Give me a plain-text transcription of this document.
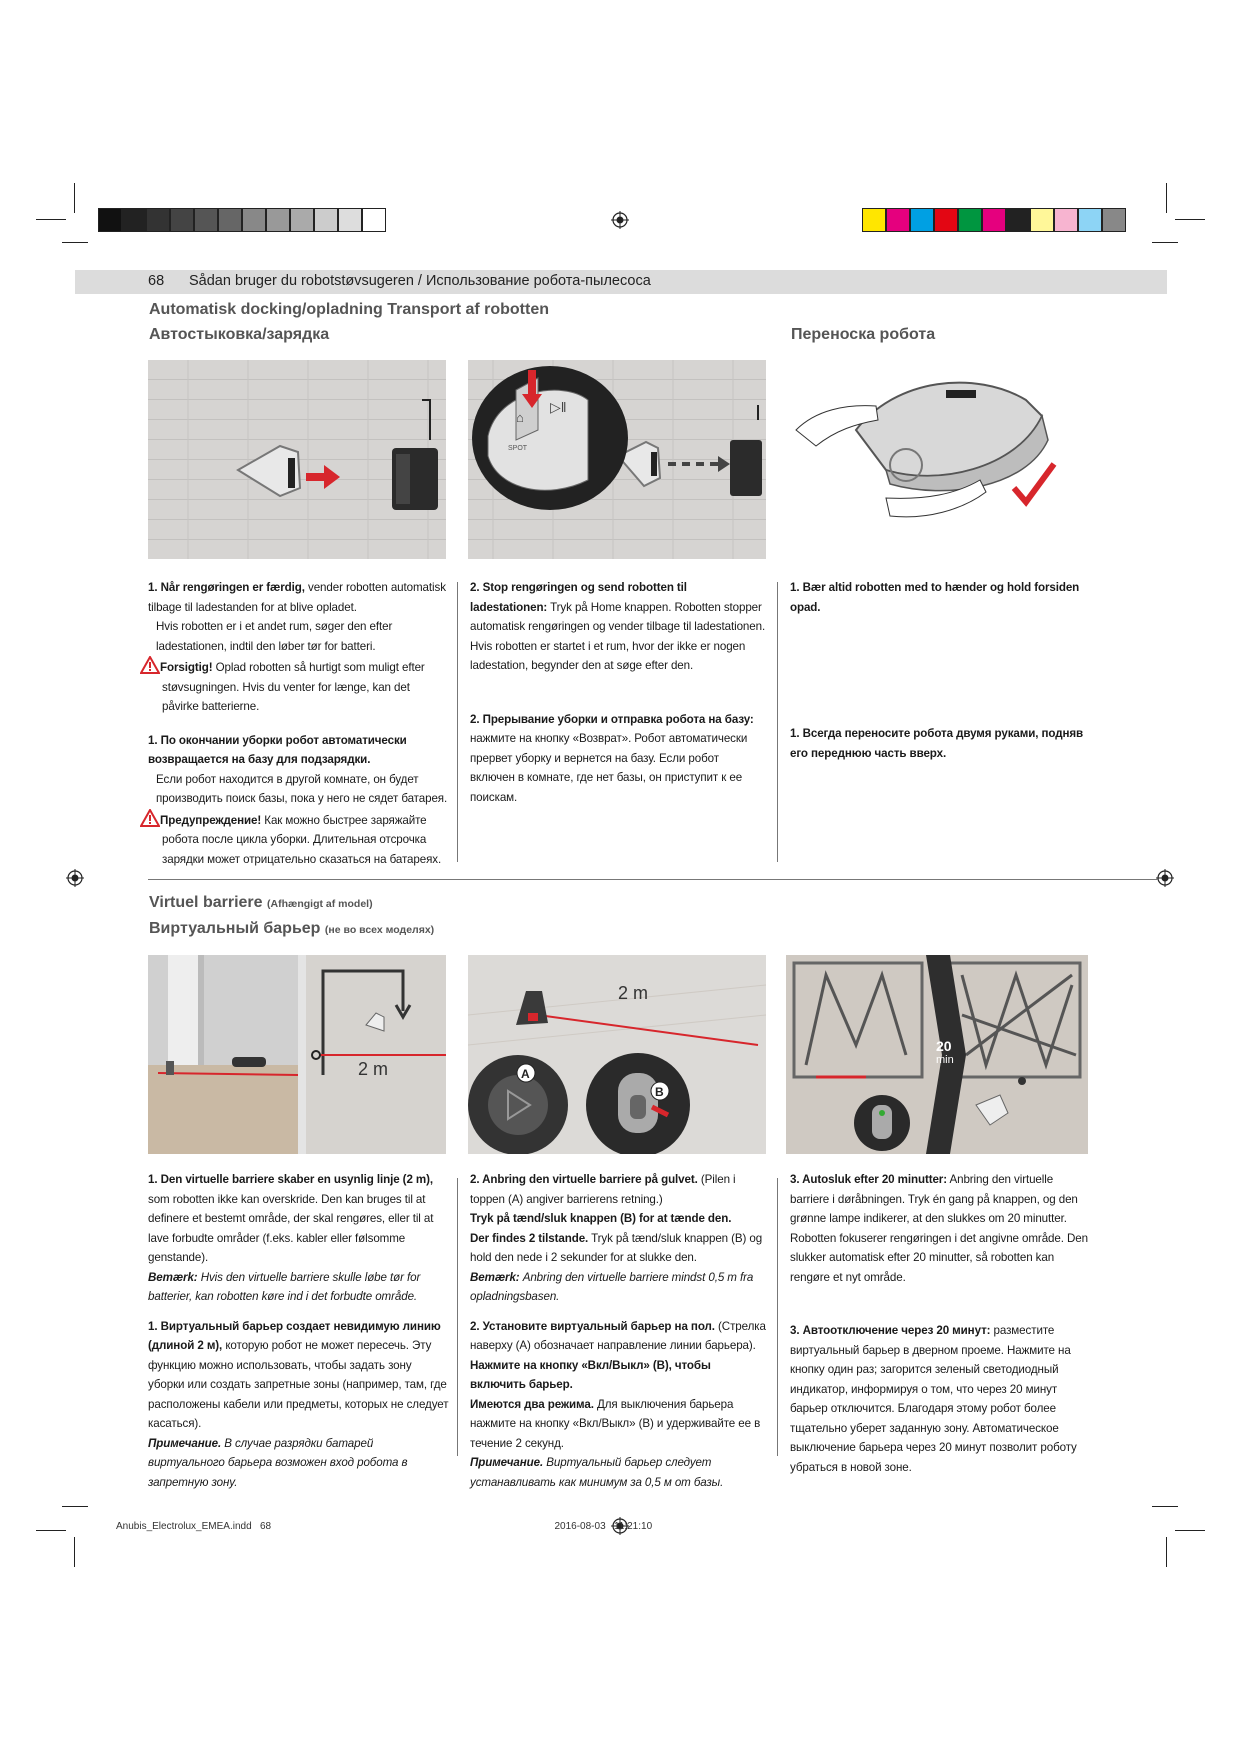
68 Sådan bruger du robotstøvsugeren / Использование робота-пылесоса
Automatisk docking/opladning Transport af robotten
Автостыковка/зарядка	Переноска робота
▷‖
⌂
SPOT

1. Når rengøringen er færdig, vender robotten automatisk tilbage til ladestanden for at blive opladet.

Hvis robotten er i et andet rum, søger den efter ladestationen, indtil den løber tør for batteri.

Forsigtig! Oplad robotten så hurtigt som muligt efter støvsugningen. Hvis du venter for længe, kan det påvirke batterierne.

1. По окончании уборки робот автоматически возвращается на базу для подзарядки.

Если робот находится в другой комнате, он будет производить поиск базы, пока у него не сядет батарея.

Предупреждение! Как можно быстрее заряжайте робота после цикла уборки. Длительная отсрочка зарядки может отрицательно сказаться на батареях.

2. Stop rengøringen og send robotten til ladestationen: Tryk på Home knappen. Robotten stopper automatisk rengøringen og vender tilbage til ladestationen. Hvis robotten er startet i et rum, hvor der ikke er nogen ladestation, begynder den at søge efter den.

2. Прерывание уборки и отправка робота на базу: нажмите на кнопку «Возврат». Робот автоматически прервет уборку и вернется на базу. Если робот включен в комнате, где нет базы, он приступит к ее поискам.

1. Bær altid robotten med to hænder og hold forsiden opad.

1. Всегда переносите робота двумя руками, подняв его переднюю часть вверх.

Virtuel barriere (Afhængigt af model)
Виртуальный барьер (не во всех моделях)
2 m
2 m
A
B
20
min

1. Den virtuelle barriere skaber en usynlig linje (2 m), som robotten ikke kan overskride. Den kan bruges til at definere et bestemt område, der skal rengøres, eller til at lave forbudte områder (f.eks. kabler eller følsomme genstande).

Bemærk: Hvis den virtuelle barriere skulle løbe tør for batterier, kan robotten køre ind i det forbudte område.

1. Виртуальный барьер создает невидимую линию (длиной 2 м), которую робот не может пересечь. Эту функцию можно использовать, чтобы задать зону уборки или создать запретные зоны (например, там, где расположены кабели или предметы, которых не следует касаться).

Примечание. В случае разрядки батарей виртуального барьера возможен вход робота в запретную зону.

2. Anbring den virtuelle barriere på gulvet. (Pilen i toppen (A) angiver barrierens retning.)

Tryk på tænd/sluk knappen (B) for at tænde den.

Der findes 2 tilstande. Tryk på tænd/sluk knappen (B) og hold den nede i 2 sekunder for at slukke den.

Bemærk: Anbring den virtuelle barriere mindst 0,5 m fra opladningsbasen.

2. Установите виртуальный барьер на пол. (Стрелка наверху (A) обозначает направление линии барьера).

Нажмите на кнопку «Вкл/Выкл» (B), чтобы включить барьер.

Имеются два режима. Для выключения барьера нажмите на кнопку «Вкл/Выкл» (B) и удерживайте ее в течение 2 секунд.

Примечание. Виртуальный барьер следует устанавливать как минимум за 0,5 м от базы.

3. Autosluk efter 20 minutter: Anbring den virtuelle barriere i døråbningen. Tryk én gang på knappen, og den grønne lampe indikerer, at den slukkes om 20 minutter. Robotten fokuserer rengøringen i det angivne område. Den slukker automatisk efter 20 minutter, så robotten kan rengøre et nyt område.

3. Автоотключение через 20 минут: разместите виртуальный барьер в дверном проеме. Нажмите на кнопку один раз; загорится зеленый светодиодный индикатор, информируя о том, что через 20 минут барьер отключится. Благодаря этому робот более тщательно уберет заданную зону. Автоматическое выключение барьера через 20 минут позволит роботу убраться в новой зоне.

Anubis_Electrolux_EMEA.indd   68                                                                                                      2016-08-03   11:21:10
